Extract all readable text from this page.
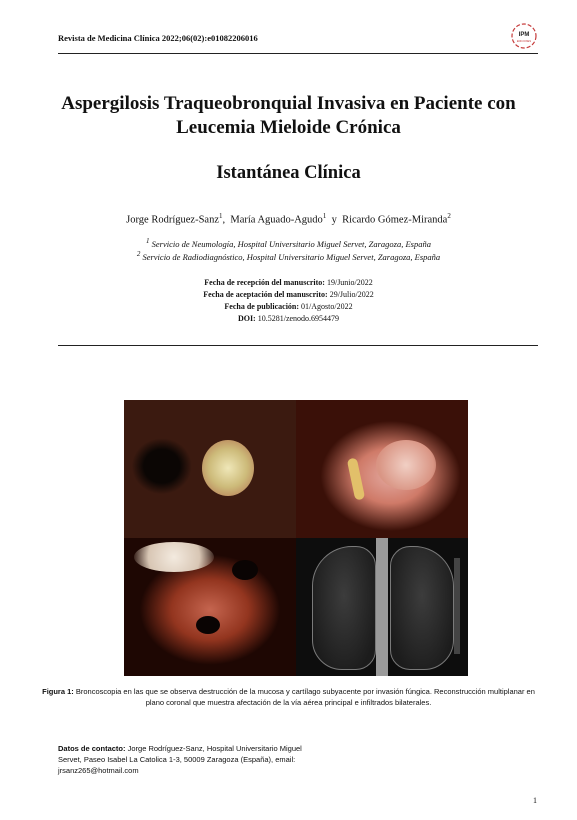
Revista de Medicina Clínica 2022;06(02):e01082206016	IPM
EDICIONES
Aspergilosis Traqueobronquial Invasiva en Paciente con
Leucemia Mieloide Crónica
Istantánea Clínica
Jorge Rodríguez-Sanz$^1$, María Aguado-Agudo$^1$ y Ricardo Gómez-Miranda$^2$
$^1$ Servicio de Neumología, Hospital Universitario Miguel Servet, Zaragoza, España
$^2$ Servicio de Radiodiagnóstico, Hospital Universitario Miguel Servet, Zaragoza, España
Fecha de recepción del manuscrito: 19/Junio/2022
Fecha de aceptación del manuscrito: 29/Julio/2022
Fecha de publicación: 01/Agosto/2022
DOI: 10.5281/zenodo.6954479
Figura 1: Broncoscopia en las que se observa destrucción de la mucosa y cartílago subyacente por invasión fúngica. Reconstrucción multiplanar en plano coronal que muestra afectación de la vía aérea principal e infiltrados bilaterales.
Datos de contacto: Jorge Rodríguez-Sanz, Hospital Universitario Miguel Servet, Paseo Isabel La Catolica 1-3, 50009 Zaragoza (España), email: jrsanz265@hotmail.com
1
